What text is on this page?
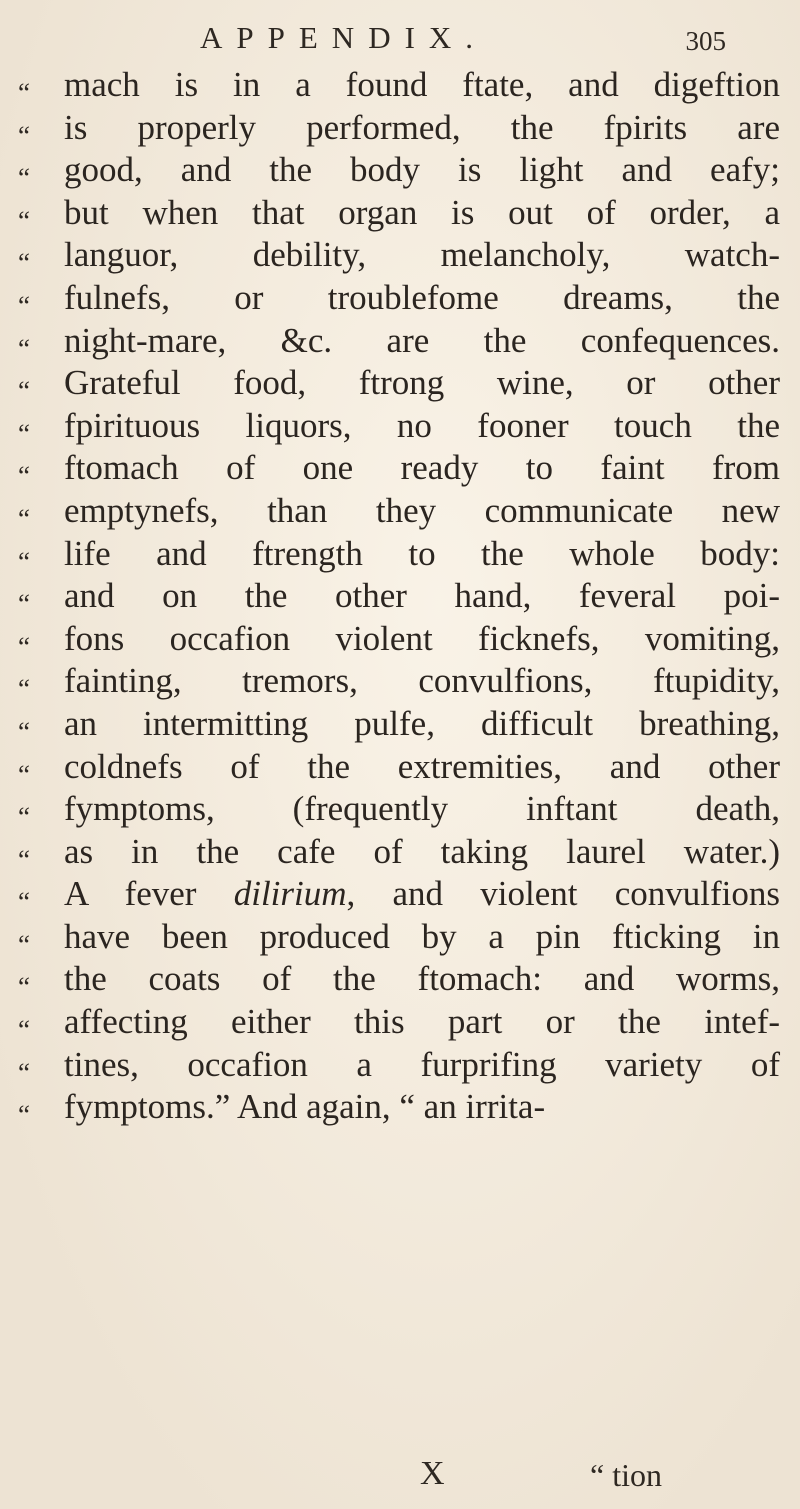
APPENDIX.	305
“
“
“
“
“
“
“
“
“
“
“
“
“
“
“
“
“
“
“
“
“
“
“
“
“
mach is in a found ftate, and digeftion
is properly performed, the fpirits are
good, and the body is light and eafy;
but when that organ is out of order, a
languor, debility, melancholy, watch-
fulnefs, or troublefome dreams, the
night-mare, &c. are the confequences.
Grateful food, ftrong wine, or other
fpirituous liquors, no fooner touch the
ftomach of one ready to faint from
emptynefs, than they communicate new
life and ftrength to the whole body:
and on the other hand, feveral poi-
fons occafion violent ficknefs, vomiting,
fainting, tremors, convulfions, ftupidity,
an intermitting pulfe, difficult breathing,
coldnefs of the extremities, and other
fymptoms, (frequently inftant death,
as in the cafe of taking laurel water.)
A fever dilirium, and violent convulfions
have been produced by a pin fticking in
the coats of the ftomach: and worms,
affecting either this part or the intef-
tines, occafion a furprifing variety of
fymptoms.” And again, “ an irrita-
X	“ tion
